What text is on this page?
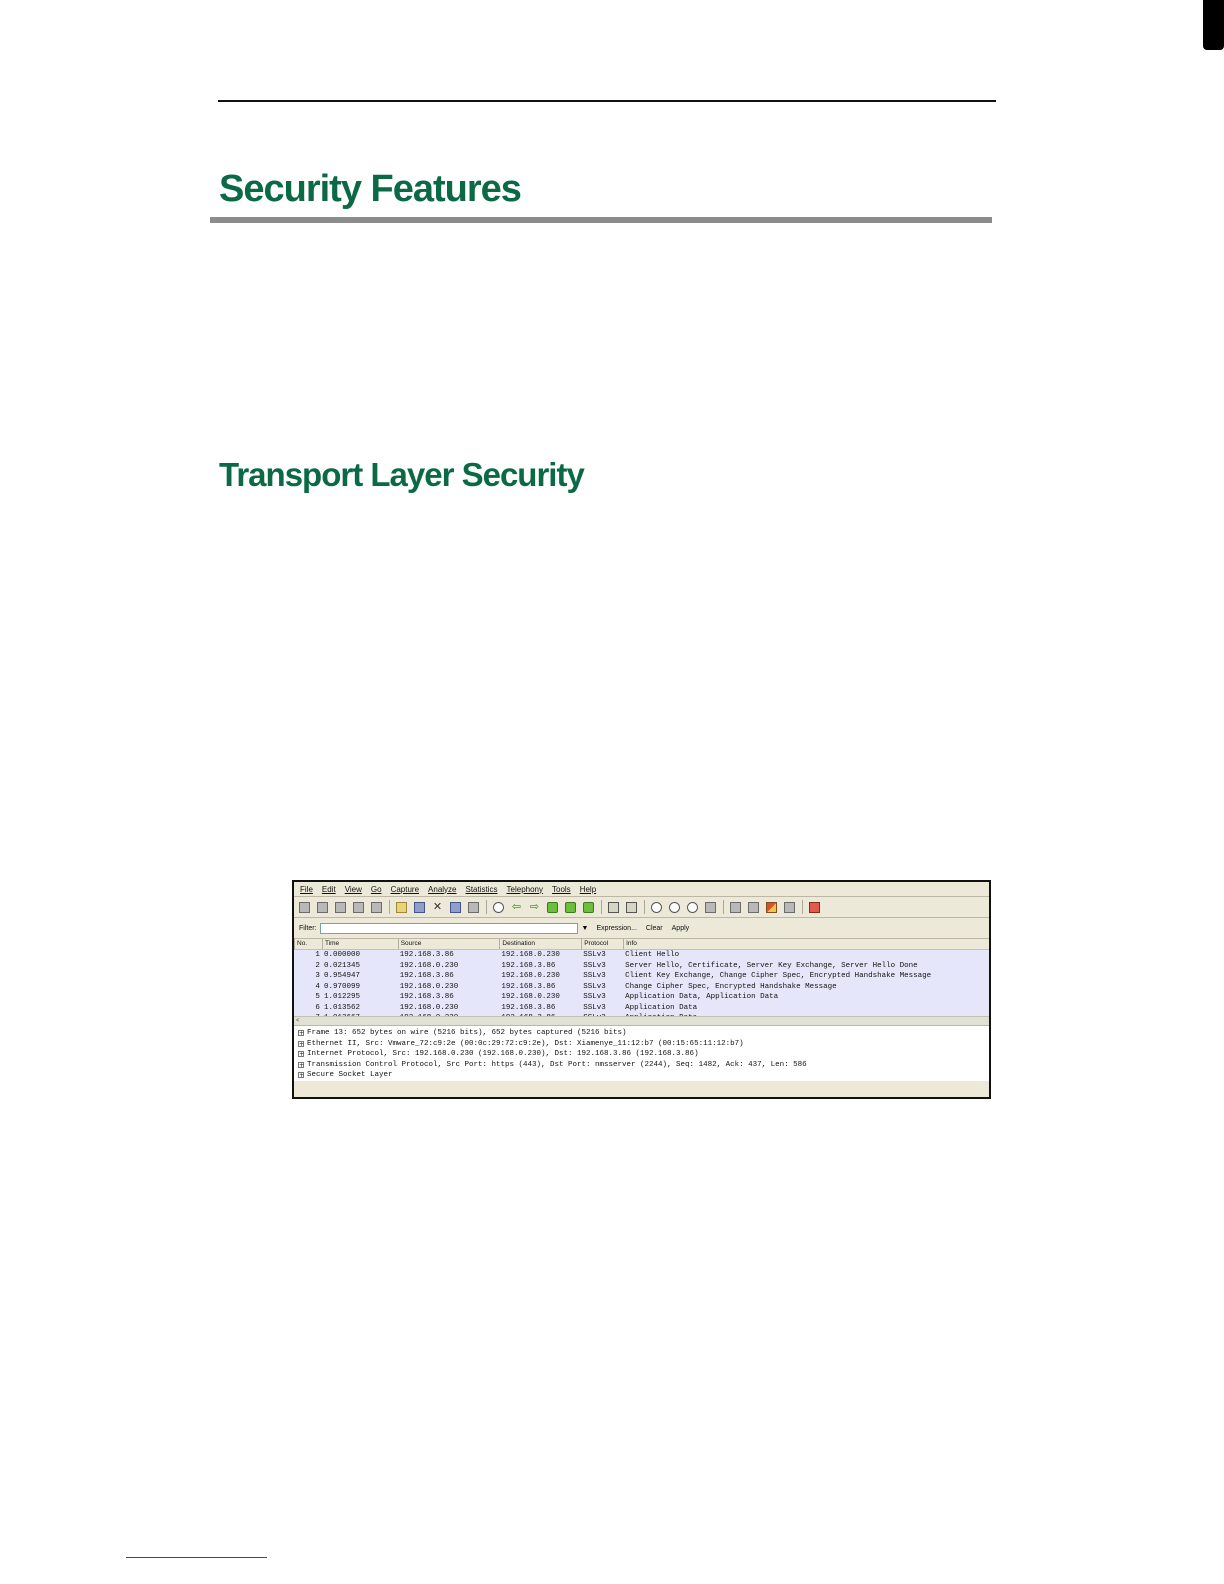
Security Features
Transport Layer Security
File Edit View Go Capture Analyze Statistics Telephony Tools Help
✕	⇦ ⇨
Filter:	▼ Expression... Clear Apply
No.	Time	Source	Destination	Protocol	Info
1 0.000000	192.168.3.86	192.168.0.230	SSLv3	Client Hello
2 0.021345	192.168.0.230	192.168.3.86	SSLv3	Server Hello, Certificate, Server Key Exchange, Server Hello Done
3 0.954947	192.168.3.86	192.168.0.230	SSLv3	Client Key Exchange, Change Cipher Spec, Encrypted Handshake Message
4 0.970099	192.168.0.230	192.168.3.86	SSLv3	Change Cipher Spec, Encrypted Handshake Message
5 1.012295	192.168.3.86	192.168.0.230	SSLv3	Application Data, Application Data
6 1.013562	192.168.0.230	192.168.3.86	SSLv3	Application Data
<
+ Frame 13: 652 bytes on wire (5216 bits), 652 bytes captured (5216 bits)
+ Ethernet II, Src: Vmware_72:c9:2e (00:0c:29:72:c9:2e), Dst: Xiamenye_11:12:b7 (00:15:65:11:12:b7)
+ Internet Protocol, Src: 192.168.0.230 (192.168.0.230), Dst: 192.168.3.86 (192.168.3.86)
+ Transmission Control Protocol, Src Port: https (443), Dst Port: nmsserver (2244), Seq: 1482, Ack: 437, Len: 586
+ Secure Socket Layer
